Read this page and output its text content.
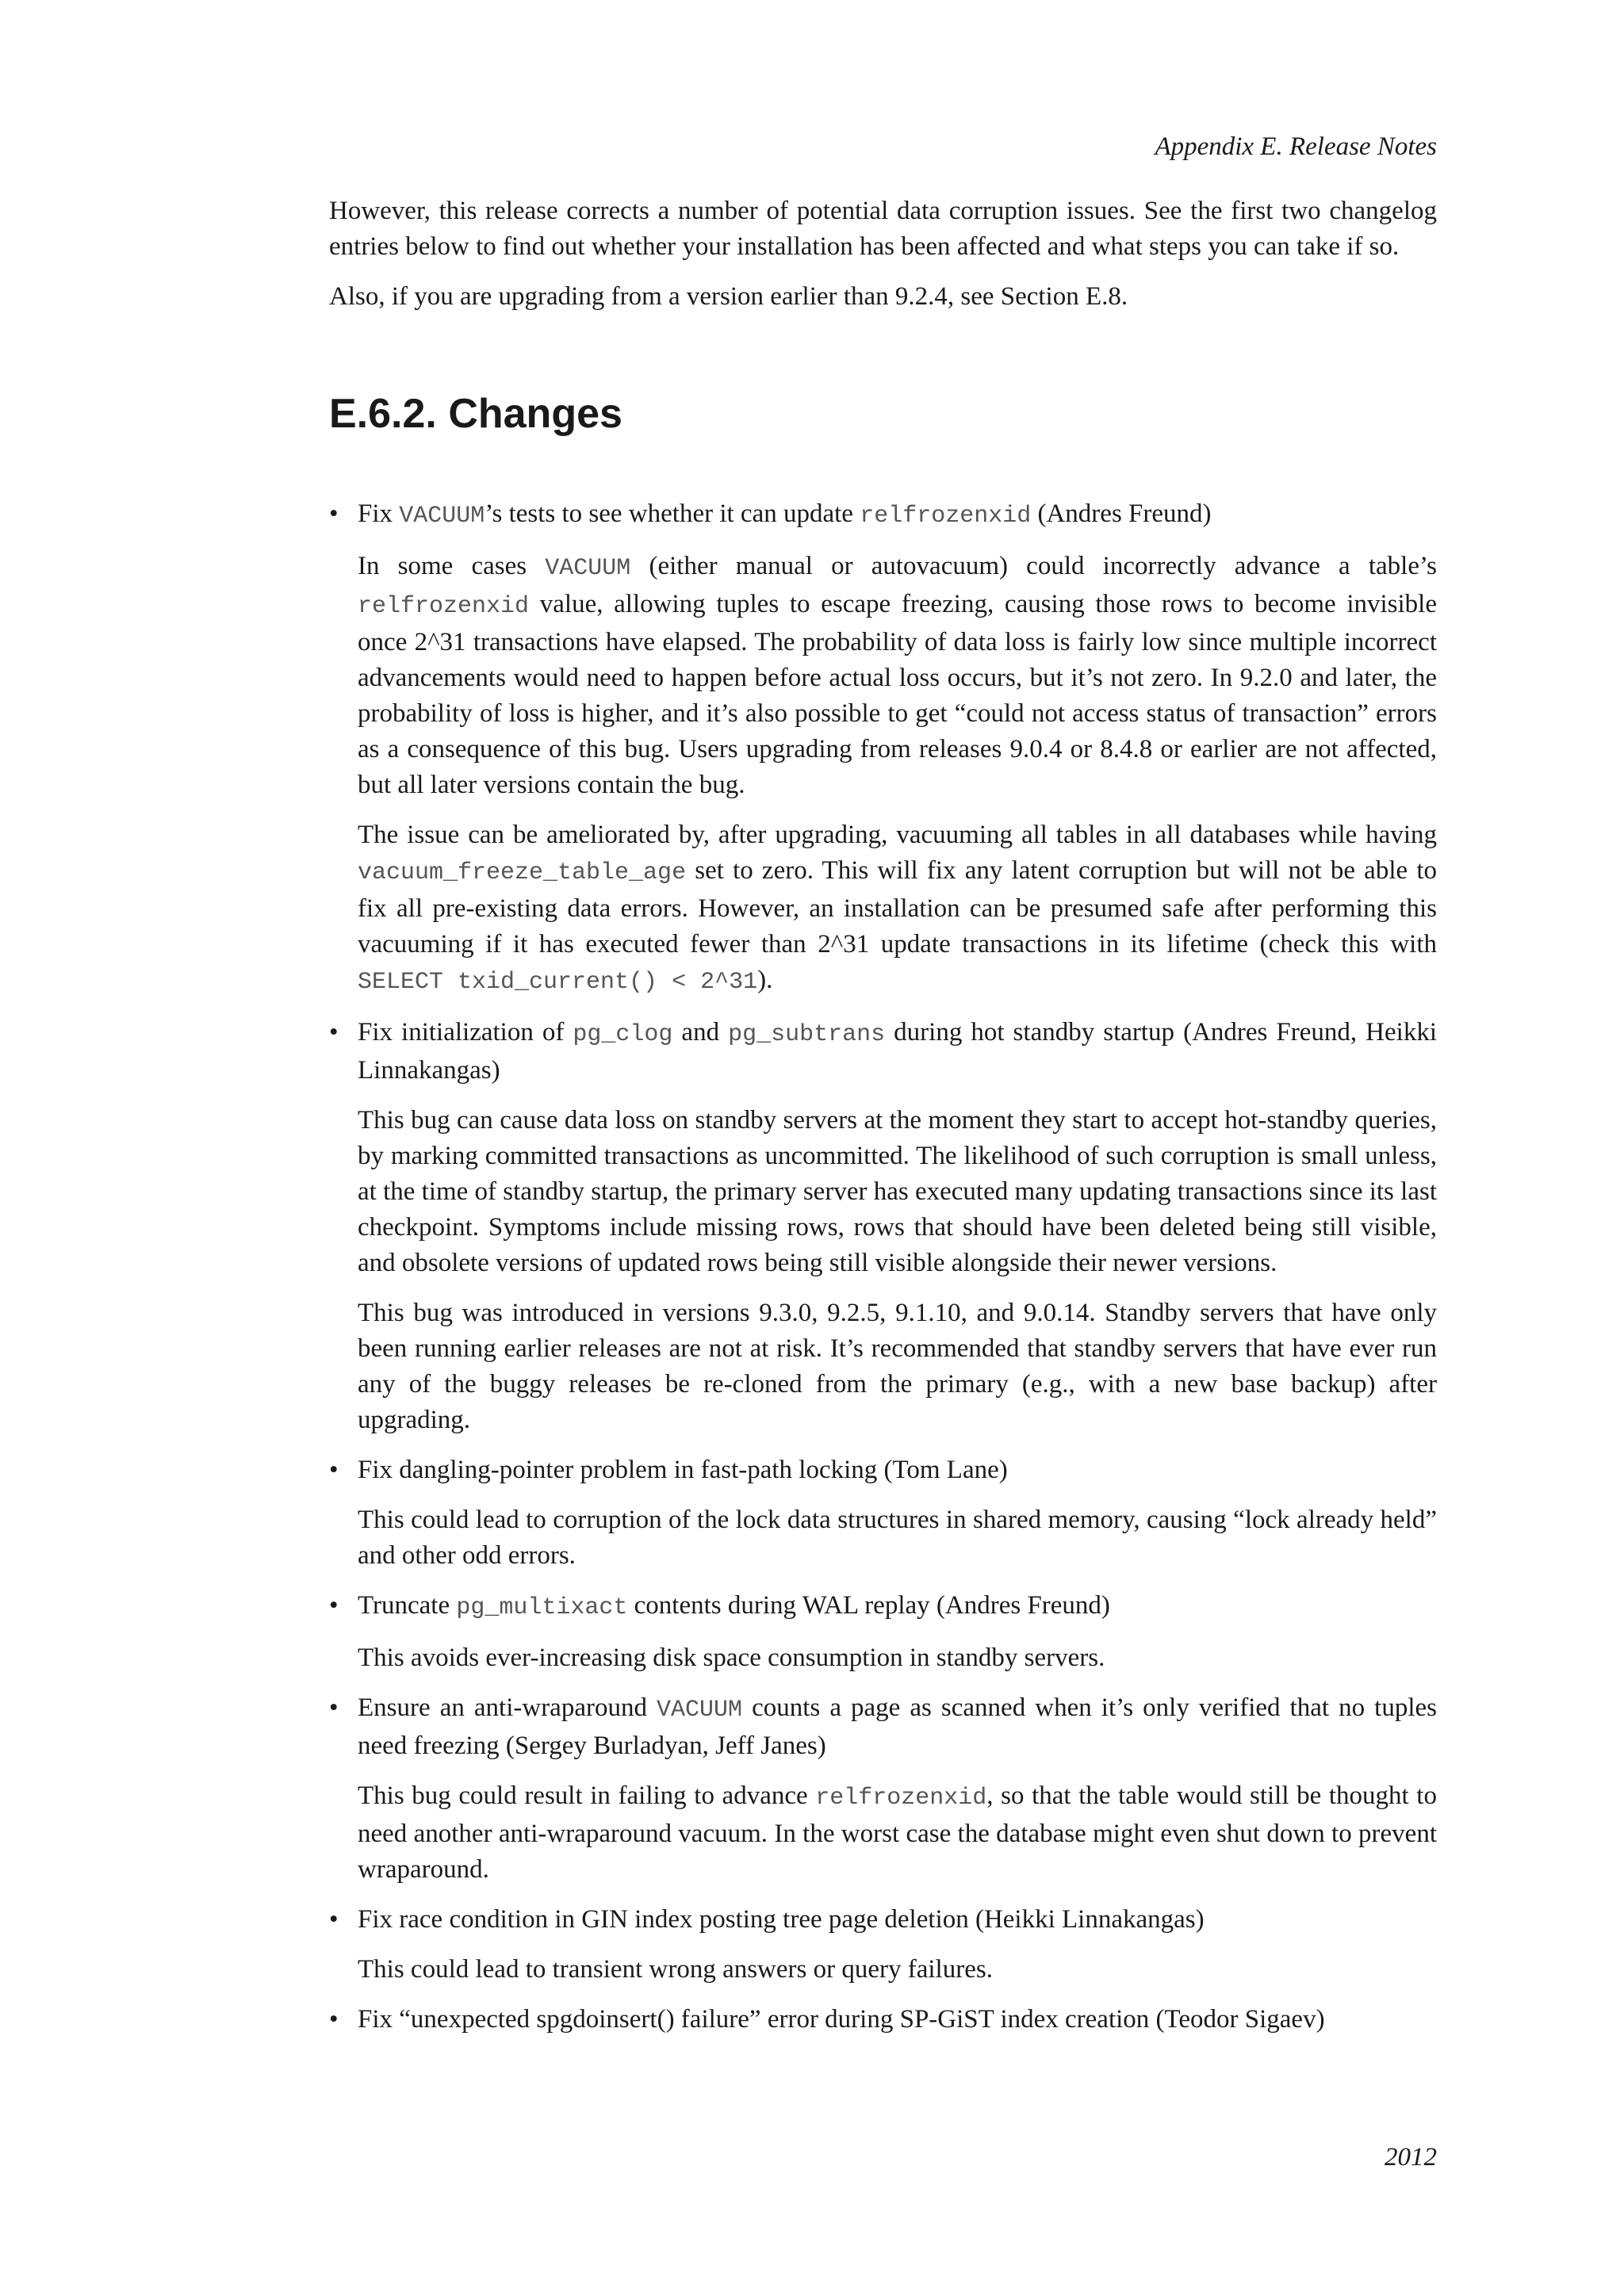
Appendix E. Release Notes

However, this release corrects a number of potential data corruption issues. See the first two changelog entries below to find out whether your installation has been affected and what steps you can take if so.

Also, if you are upgrading from a version earlier than 9.2.4, see Section E.8.

E.6.2. Changes
• Fix VACUUM’s tests to see whether it can update relfrozenxid (Andres Freund)

In some cases VACUUM (either manual or autovacuum) could incorrectly advance a table’s relfrozenxid value, allowing tuples to escape freezing, causing those rows to become invisible once 2^31 transactions have elapsed. The probability of data loss is fairly low since multiple incorrect advancements would need to happen before actual loss occurs, but it’s not zero. In 9.2.0 and later, the probability of loss is higher, and it’s also possible to get “could not access status of transaction” errors as a consequence of this bug. Users upgrading from releases 9.0.4 or 8.4.8 or earlier are not affected, but all later versions contain the bug.

The issue can be ameliorated by, after upgrading, vacuuming all tables in all databases while having vacuum_freeze_table_age set to zero. This will fix any latent corruption but will not be able to fix all pre-existing data errors. However, an installation can be presumed safe after performing this vacuuming if it has executed fewer than 2^31 update transactions in its lifetime (check this with SELECT txid_current() < 2^31).

• Fix initialization of pg_clog and pg_subtrans during hot standby startup (Andres Freund, Heikki Linnakangas)

This bug can cause data loss on standby servers at the moment they start to accept hot-standby queries, by marking committed transactions as uncommitted. The likelihood of such corruption is small unless, at the time of standby startup, the primary server has executed many updating transactions since its last checkpoint. Symptoms include missing rows, rows that should have been deleted being still visible, and obsolete versions of updated rows being still visible alongside their newer versions.

This bug was introduced in versions 9.3.0, 9.2.5, 9.1.10, and 9.0.14. Standby servers that have only been running earlier releases are not at risk. It’s recommended that standby servers that have ever run any of the buggy releases be re-cloned from the primary (e.g., with a new base backup) after upgrading.

• Fix dangling-pointer problem in fast-path locking (Tom Lane)

This could lead to corruption of the lock data structures in shared memory, causing “lock already held” and other odd errors.

• Truncate pg_multixact contents during WAL replay (Andres Freund)

This avoids ever-increasing disk space consumption in standby servers.

• Ensure an anti-wraparound VACUUM counts a page as scanned when it’s only verified that no tuples need freezing (Sergey Burladyan, Jeff Janes)

This bug could result in failing to advance relfrozenxid, so that the table would still be thought to need another anti-wraparound vacuum. In the worst case the database might even shut down to prevent wraparound.

• Fix race condition in GIN index posting tree page deletion (Heikki Linnakangas)

This could lead to transient wrong answers or query failures.

• Fix “unexpected spgdoinsert() failure” error during SP-GiST index creation (Teodor Sigaev)

2012
